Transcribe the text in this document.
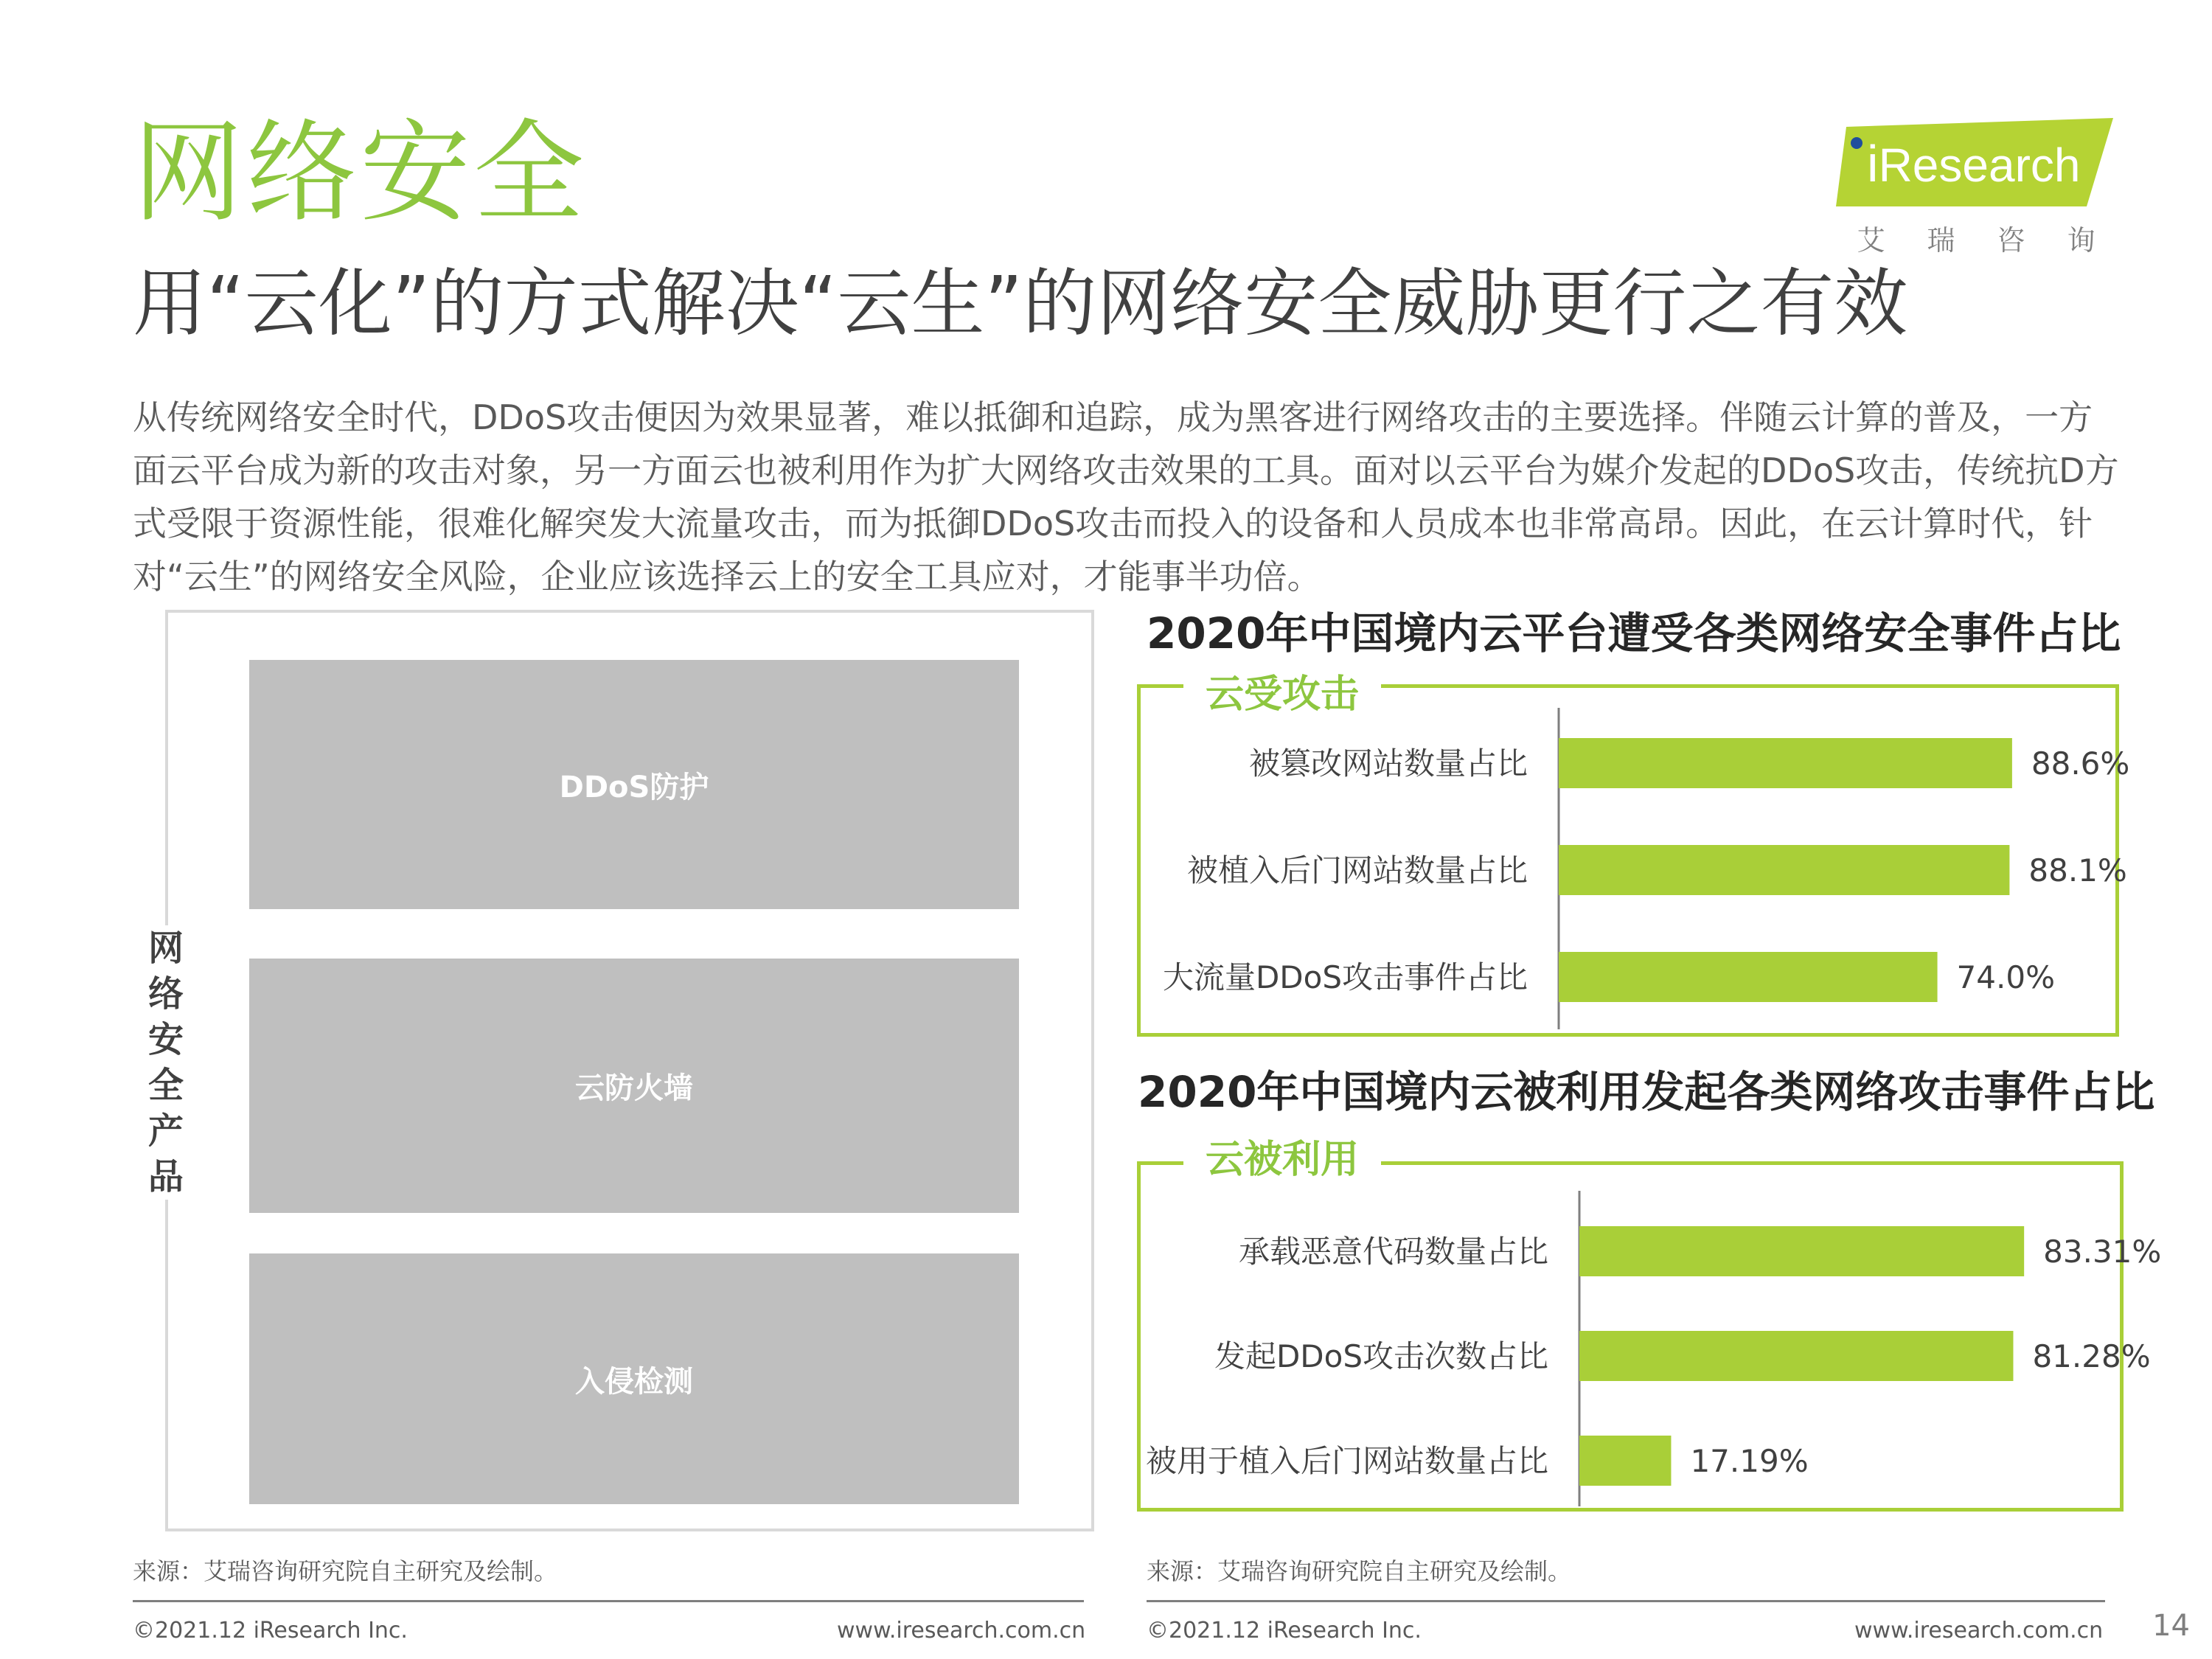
网络安全
用“云化”的方式解决“云生”的网络安全威胁更行之有效
从传统网络安全时代，DDoS攻击便因为效果显著，难以抵御和追踪，成为黑客进行网络攻击的主要选择。伴随云计算的普及，一方面云平台成为新的攻击对象，另一方面云也被利用作为扩大网络攻击效果的工具。面对以云平台为媒介发起的DDoS攻击，传统抗D方式受限于资源性能，很难化解突发大流量攻击，而为抵御DDoS攻击而投入的设备和人员成本也非常高昂。因此，在云计算时代，针对“云生”的网络安全风险，企业应该选择云上的安全工具应对，才能事半功倍。
iResearch
艾 瑞 咨 询
网
络
安
全
产
品
DDoS防护
云防火墙
入侵检测
2020年中国境内云平台遭受各类网络安全事件占比
云受攻击
被篡改网站数量占比	88.6%
被植入后门网站数量占比	88.1%
大流量DDoS攻击事件占比	74.0%
2020年中国境内云被利用发起各类网络攻击事件占比
云被利用
承载恶意代码数量占比	83.31%
发起DDoS攻击次数占比	81.28%
被用于植入后门网站数量占比	17.19%
来源：艾瑞咨询研究院自主研究及绘制。	来源：艾瑞咨询研究院自主研究及绘制。
©2021.12 iResearch Inc.	www.iresearch.com.cn	©2021.12 iResearch Inc.	www.iresearch.com.cn 14
